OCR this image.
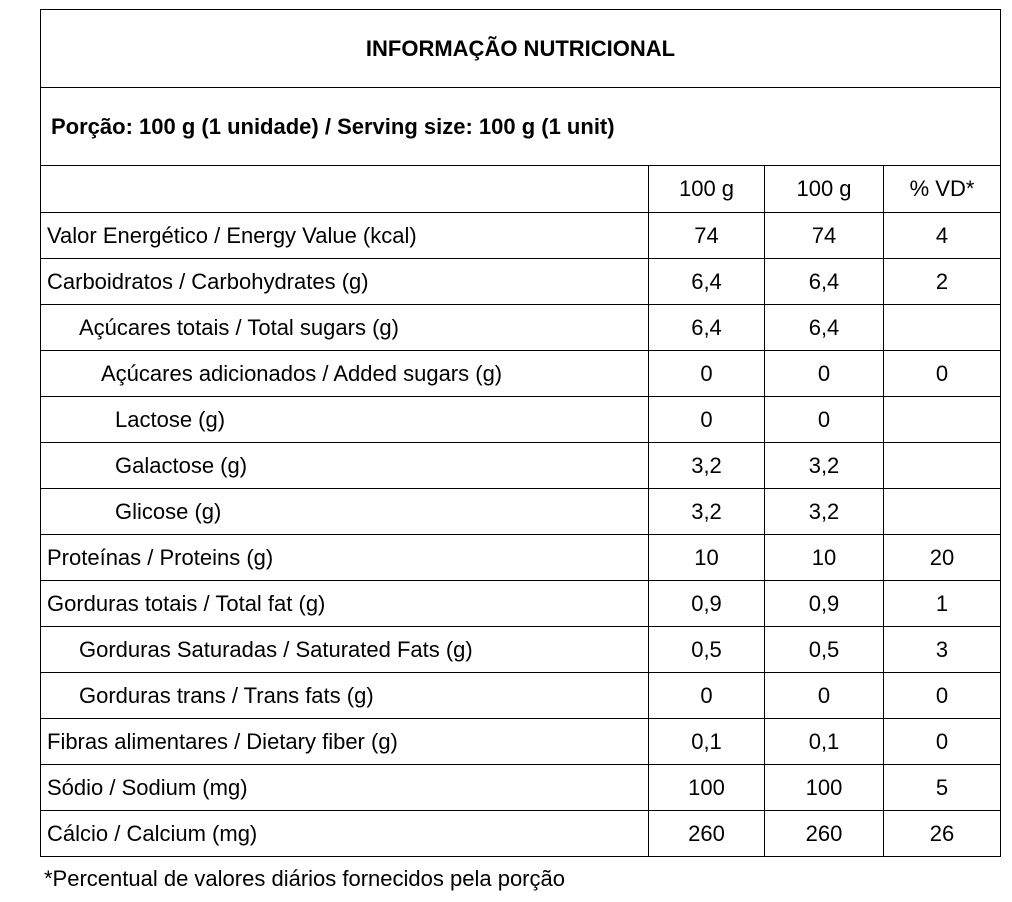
INFORMAÇÃO NUTRICIONAL			
Porção: 100 g (1 unidade) / Serving size: 100 g (1 unit)			
	100 g	100 g	% VD*
Valor Energético / Energy Value (kcal)	74	74	4
Carboidratos / Carbohydrates (g)	6,4	6,4	2
Açúcares totais / Total sugars (g)	6,4	6,4	
Açúcares adicionados / Added sugars (g)	0	0	0
Lactose (g)	0	0	
Galactose (g)	3,2	3,2	
Glicose (g)	3,2	3,2	
Proteínas / Proteins (g)	10	10	20
Gorduras totais / Total fat (g)	0,9	0,9	1
Gorduras Saturadas / Saturated Fats (g)	0,5	0,5	3
Gorduras trans / Trans fats (g)	0	0	0
Fibras alimentares / Dietary fiber (g)	0,1	0,1	0
Sódio / Sodium (mg)	100	100	5
Cálcio / Calcium (mg)	260	260	26
*Percentual de valores diários fornecidos pela porção
